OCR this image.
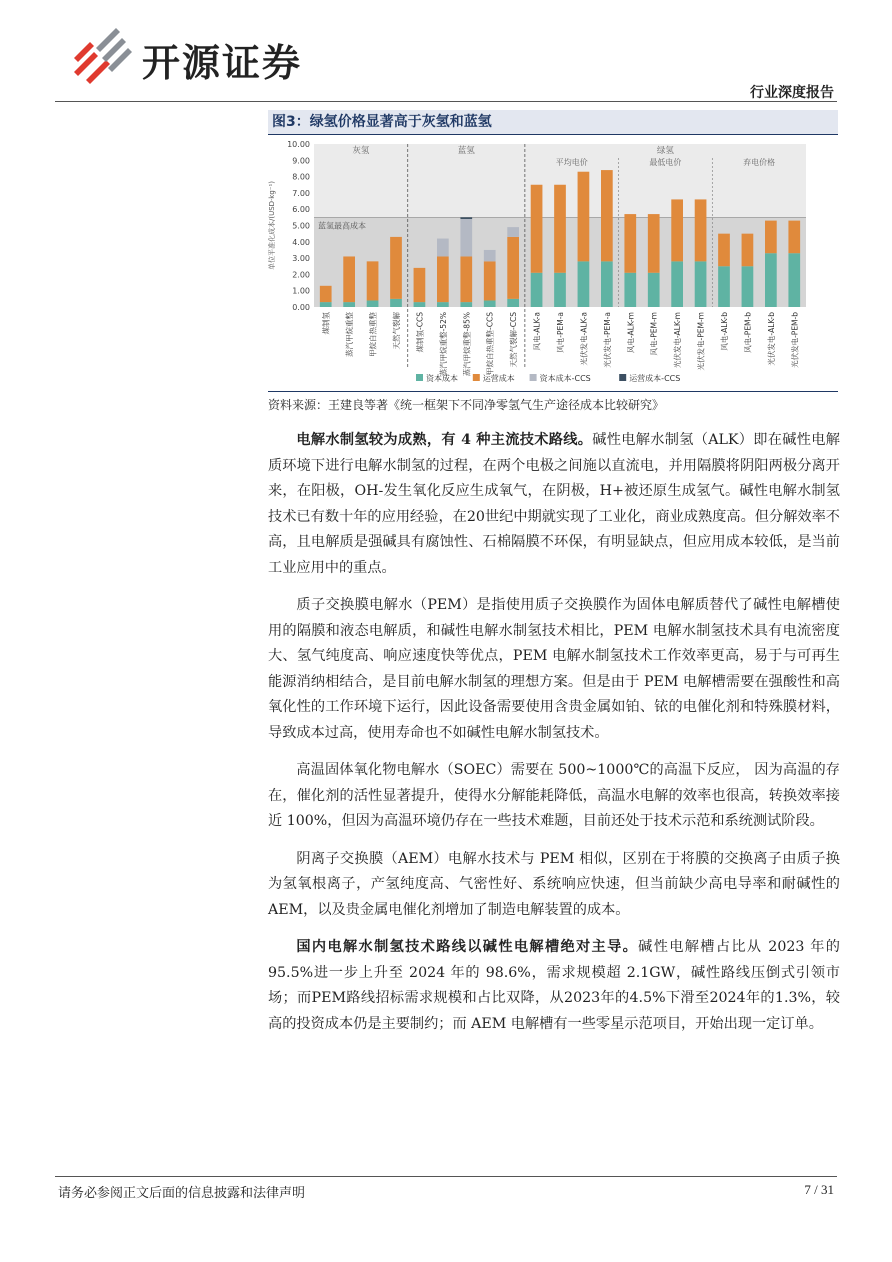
开源证券
行业深度报告
图3：绿氢价格显著高于灰氢和蓝氢
蓝氢最高成本
0.00
1.00
2.00
3.00
4.00
5.00
6.00
7.00
8.00
9.00
10.00
单位平准化成本/(USD·kg⁻¹)
灰氢	蓝氢	绿氢
平均电价	最低电价	弃电价格
煤制氢 蒸汽甲烷重整 甲烷自热重整 天然气裂解 煤制氢-CCS 蒸汽甲烷重整-52% 蒸汽甲烷重整-85% 甲烷自热重整-CCS 天然气裂解-CCS 风电-ALK-a 风电-PEM-a 光伏发电-ALK-a 光伏发电-PEM-a 风电-ALK-m 风电-PEM-m 光伏发电-ALK-m 光伏发电-PEM-m 风电-ALK-b 风电-PEM-b 光伏发电-ALK-b 光伏发电-PEM-b
资本成本	运营成本	资本成本-CCS	运营成本-CCS
资料来源：王建良等著《统一框架下不同净零氢气生产途径成本比较研究》

电解水制氢较为成熟，有 4 种主流技术路线。碱性电解水制氢（ALK）即在碱性电解质环境下进行电解水制氢的过程，在两个电极之间施以直流电，并用隔膜将阴阳两极分离开来，在阳极，OH-发生氧化反应生成氧气，在阴极，H+被还原生成氢气。碱性电解水制氢技术已有数十年的应用经验，在20世纪中期就实现了工业化，商业成熟度高。但分解效率不高，且电解质是强碱具有腐蚀性、石棉隔膜不环保，有明显缺点，但应用成本较低，是当前工业应用中的重点。

质子交换膜电解水（PEM）是指使用质子交换膜作为固体电解质替代了碱性电解槽使用的隔膜和液态电解质，和碱性电解水制氢技术相比，PEM 电解水制氢技术具有电流密度大、氢气纯度高、响应速度快等优点，PEM 电解水制氢技术工作效率更高，易于与可再生能源消纳相结合，是目前电解水制氢的理想方案。但是由于 PEM 电解槽需要在强酸性和高氧化性的工作环境下运行，因此设备需要使用含贵金属如铂、铱的电催化剂和特殊膜材料，导致成本过高，使用寿命也不如碱性电解水制氢技术。

高温固体氧化物电解水（SOEC）需要在 500~1000℃的高温下反应， 因为高温的存在，催化剂的活性显著提升，使得水分解能耗降低，高温水电解的效率也很高，转换效率接近 100%，但因为高温环境仍存在一些技术难题，目前还处于技术示范和系统测试阶段。

阴离子交换膜（AEM）电解水技术与 PEM 相似，区别在于将膜的交换离子由质子换为氢氧根离子，产氢纯度高、气密性好、系统响应快速，但当前缺少高电导率和耐碱性的 AEM，以及贵金属电催化剂增加了制造电解装置的成本。

国内电解水制氢技术路线以碱性电解槽绝对主导。碱性电解槽占比从 2023 年的 95.5%进一步上升至 2024 年的 98.6%，需求规模超 2.1GW，碱性路线压倒式引领市场；而PEM路线招标需求规模和占比双降，从2023年的4.5%下滑至2024年的1.3%，较高的投资成本仍是主要制约；而 AEM 电解槽有一些零星示范项目，开始出现一定订单。

请务必参阅正文后面的信息披露和法律声明	7 / 31
